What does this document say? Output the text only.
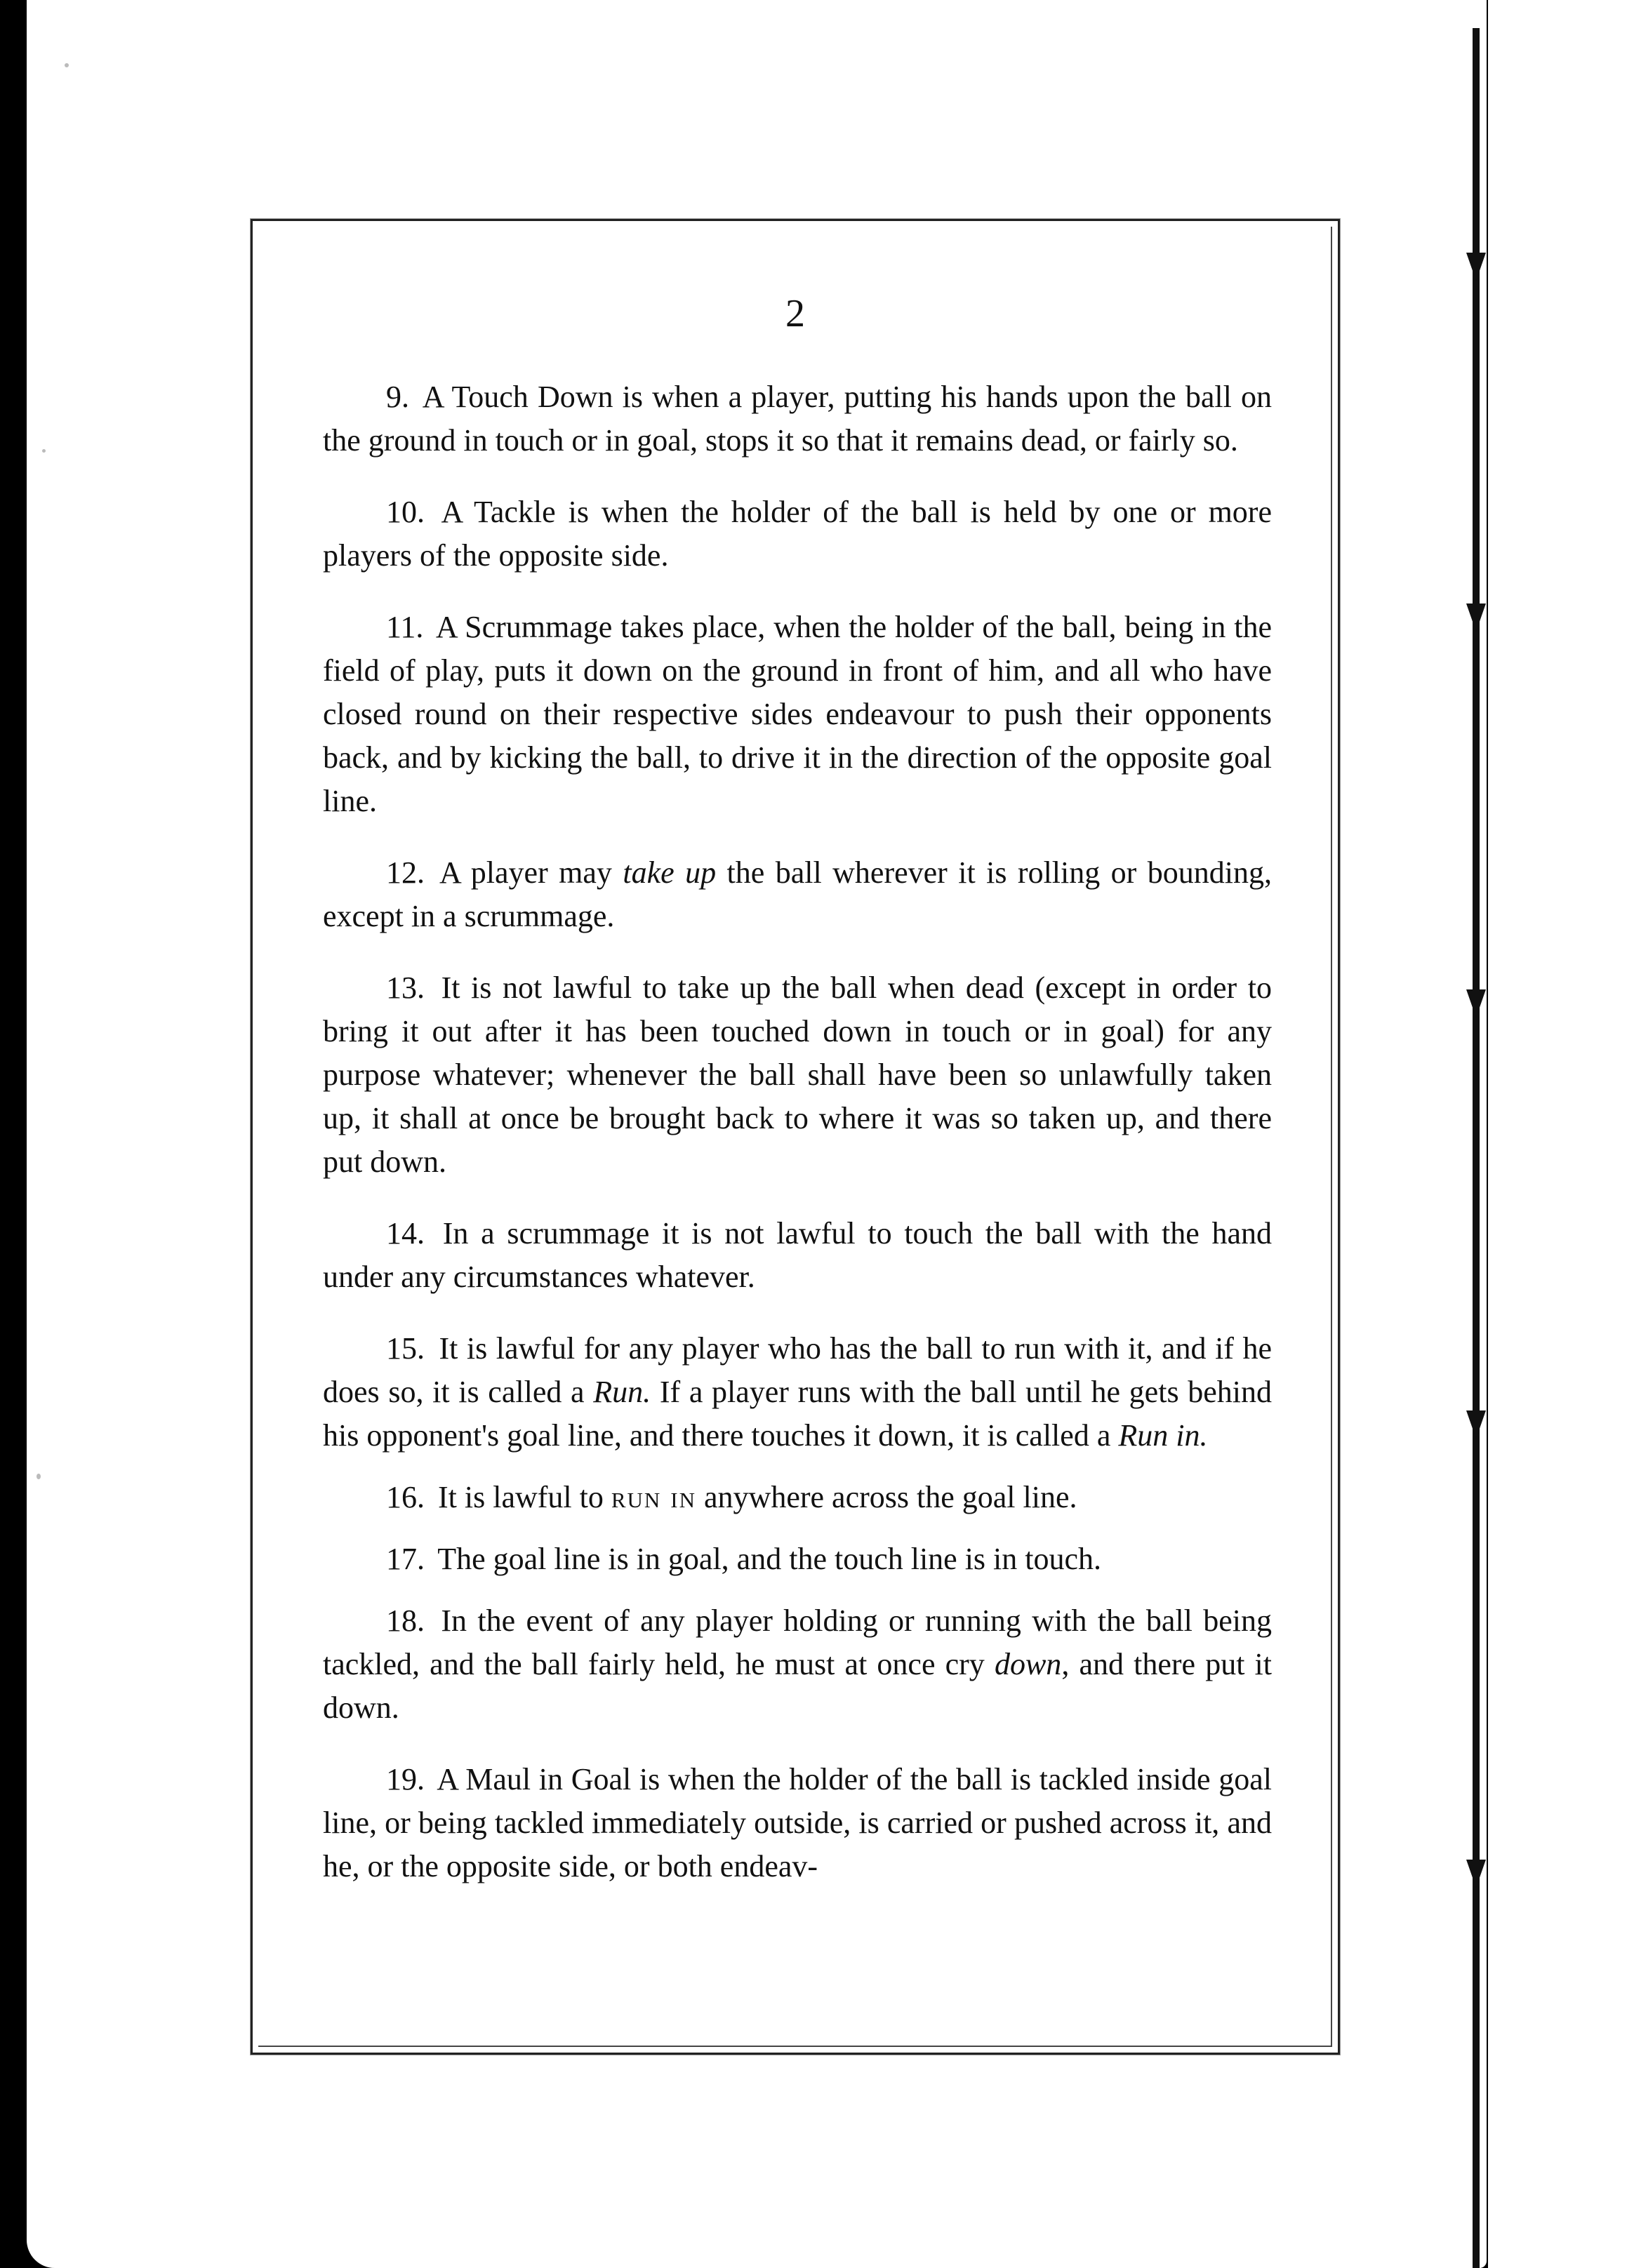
2

9. A Touch Down is when a player, putting his hands upon the ball on the ground in touch or in goal, stops it so that it remains dead, or fairly so.

10. A Tackle is when the holder of the ball is held by one or more players of the opposite side.

11. A Scrummage takes place, when the holder of the ball, being in the field of play, puts it down on the ground in front of him, and all who have closed round on their respective sides endeavour to push their opponents back, and by kicking the ball, to drive it in the direction of the opposite goal line.

12. A player may take up the ball wherever it is rolling or bounding, except in a scrummage.

13. It is not lawful to take up the ball when dead (except in order to bring it out after it has been touched down in touch or in goal) for any purpose whatever; whenever the ball shall have been so unlawfully taken up, it shall at once be brought back to where it was so taken up, and there put down.

14. In a scrummage it is not lawful to touch the ball with the hand under any circumstances whatever.

15. It is lawful for any player who has the ball to run with it, and if he does so, it is called a Run. If a player runs with the ball until he gets behind his opponent's goal line, and there touches it down, it is called a Run in.

16. It is lawful to run in anywhere across the goal line.

17. The goal line is in goal, and the touch line is in touch.

18. In the event of any player holding or running with the ball being tackled, and the ball fairly held, he must at once cry down, and there put it down.

19. A Maul in Goal is when the holder of the ball is tackled inside goal line, or being tackled immediately outside, is carried or pushed across it, and he, or the opposite side, or both endeav-
